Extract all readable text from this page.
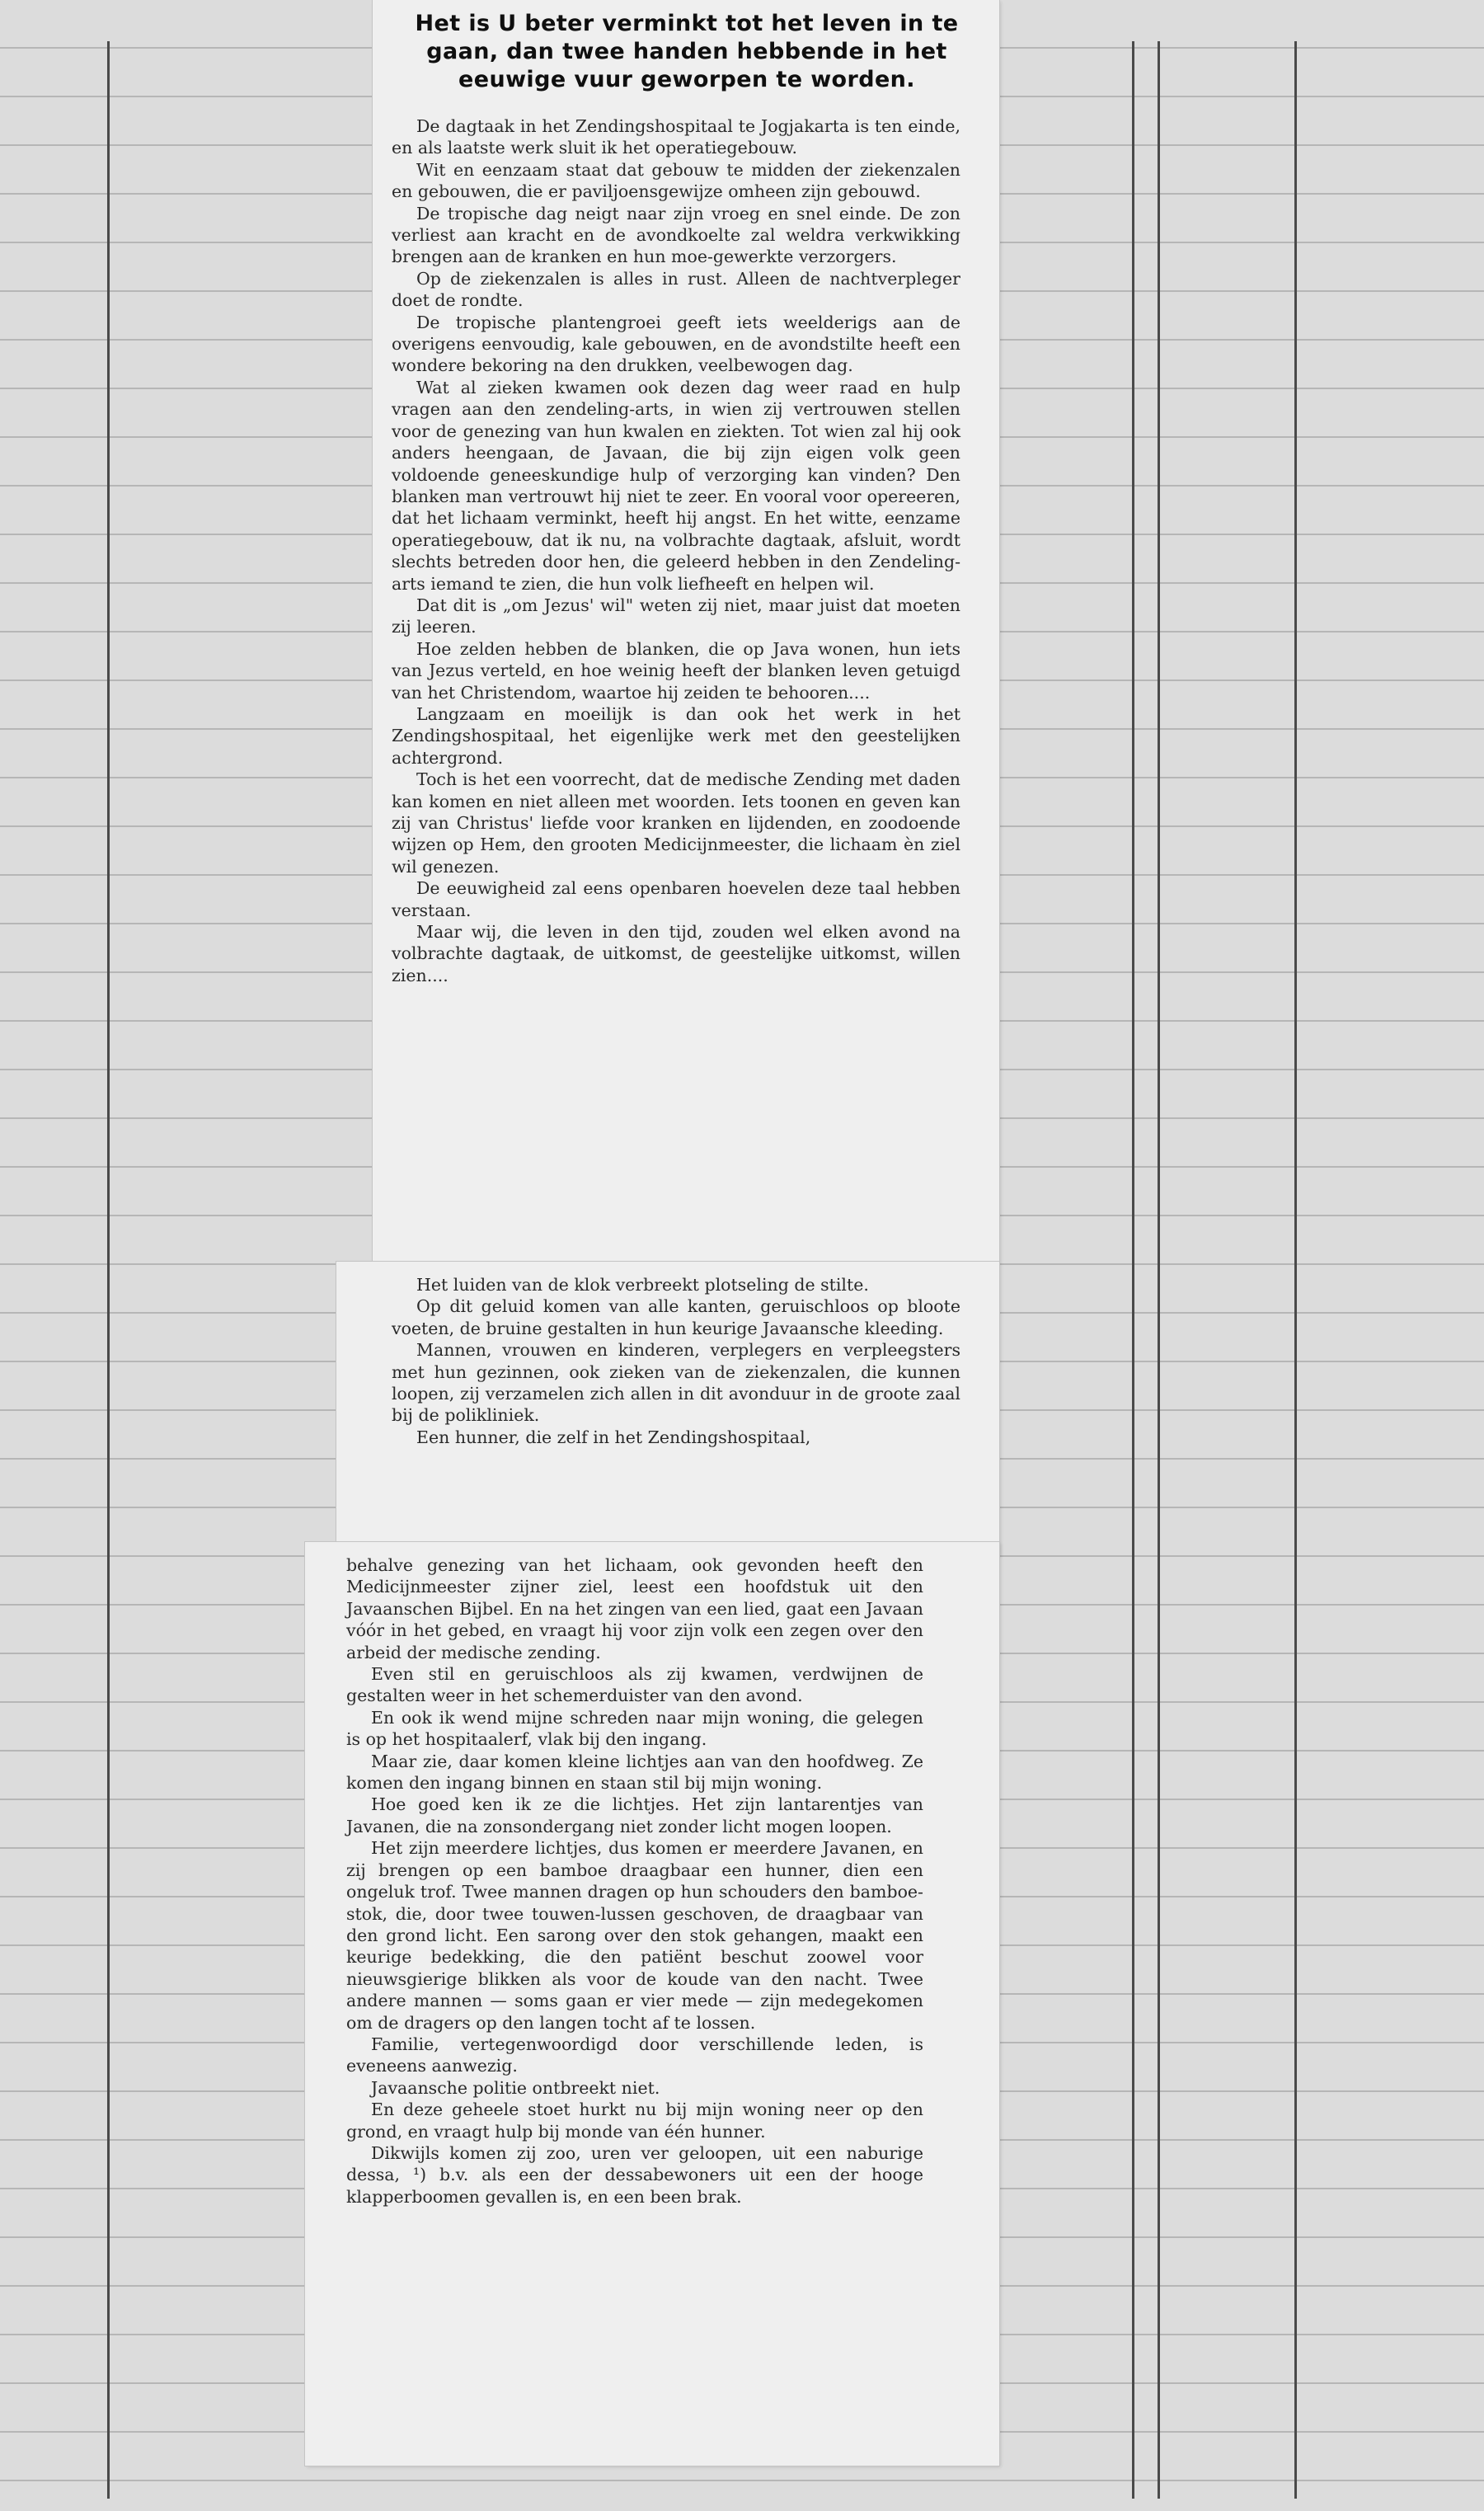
Het is U beter verminkt tot het leven in te gaan, dan twee handen hebbende in het eeuwige vuur geworpen te worden.

De dagtaak in het Zendingshospitaal te Jogjakarta is ten einde, en als laatste werk sluit ik het operatiegebouw.

Wit en eenzaam staat dat gebouw te midden der ziekenzalen en gebouwen, die er paviljoensgewijze omheen zijn gebouwd.

De tropische dag neigt naar zijn vroeg en snel einde. De zon verliest aan kracht en de avondkoelte zal weldra verkwikking brengen aan de kranken en hun moe-gewerkte verzorgers.

Op de ziekenzalen is alles in rust. Alleen de nachtverpleger doet de rondte.

De tropische plantengroei geeft iets weelderigs aan de overigens eenvoudig, kale gebouwen, en de avondstilte heeft een wondere bekoring na den drukken, veelbewogen dag.

Wat al zieken kwamen ook dezen dag weer raad en hulp vragen aan den zendeling-arts, in wien zij vertrouwen stellen voor de genezing van hun kwalen en ziekten. Tot wien zal hij ook anders heengaan, de Javaan, die bij zijn eigen volk geen voldoende geneeskundige hulp of verzorging kan vinden? Den blanken man vertrouwt hij niet te zeer. En vooral voor opereeren, dat het lichaam verminkt, heeft hij angst. En het witte, eenzame operatiegebouw, dat ik nu, na volbrachte dagtaak, afsluit, wordt slechts betreden door hen, die geleerd hebben in den Zendeling-arts iemand te zien, die hun volk liefheeft en helpen wil.

Dat dit is „om Jezus' wil" weten zij niet, maar juist dat moeten zij leeren.

Hoe zelden hebben de blanken, die op Java wonen, hun iets van Jezus verteld, en hoe weinig heeft der blanken leven getuigd van het Christendom, waartoe hij zeiden te behooren....

Langzaam en moeilijk is dan ook het werk in het Zendingshospitaal, het eigenlijke werk met den geestelijken achtergrond.

Toch is het een voorrecht, dat de medische Zending met daden kan komen en niet alleen met woorden. Iets toonen en geven kan zij van Christus' liefde voor kranken en lijdenden, en zoodoende wijzen op Hem, den grooten Medicijnmeester, die lichaam èn ziel wil genezen.

De eeuwigheid zal eens openbaren hoevelen deze taal hebben verstaan.

Maar wij, die leven in den tijd, zouden wel elken avond na volbrachte dagtaak, de uitkomst, de geestelijke uitkomst, willen zien....

Het luiden van de klok verbreekt plotseling de stilte.

Op dit geluid komen van alle kanten, geruischloos op bloote voeten, de bruine gestalten in hun keurige Javaansche kleeding.

Mannen, vrouwen en kinderen, verplegers en verpleegsters met hun gezinnen, ook zieken van de ziekenzalen, die kunnen loopen, zij verzamelen zich allen in dit avonduur in de groote zaal bij de polikliniek.

Een hunner, die zelf in het Zendingshospitaal,

behalve genezing van het lichaam, ook gevonden heeft den Medicijnmeester zijner ziel, leest een hoofdstuk uit den Javaanschen Bijbel. En na het zingen van een lied, gaat een Javaan vóór in het gebed, en vraagt hij voor zijn volk een zegen over den arbeid der medische zending.

Even stil en geruischloos als zij kwamen, verdwijnen de gestalten weer in het schemerduister van den avond.

En ook ik wend mijne schreden naar mijn woning, die gelegen is op het hospitaalerf, vlak bij den ingang.

Maar zie, daar komen kleine lichtjes aan van den hoofdweg. Ze komen den ingang binnen en staan stil bij mijn woning.

Hoe goed ken ik ze die lichtjes. Het zijn lantarentjes van Javanen, die na zonsondergang niet zonder licht mogen loopen.

Het zijn meerdere lichtjes, dus komen er meerdere Javanen, en zij brengen op een bamboe draagbaar een hunner, dien een ongeluk trof. Twee mannen dragen op hun schouders den bamboe-stok, die, door twee touwen-lussen geschoven, de draagbaar van den grond licht. Een sarong over den stok gehangen, maakt een keurige bedekking, die den patiënt beschut zoowel voor nieuwsgierige blikken als voor de koude van den nacht. Twee andere mannen — soms gaan er vier mede — zijn medegekomen om de dragers op den langen tocht af te lossen.

Familie, vertegenwoordigd door verschillende leden, is eveneens aanwezig.

Javaansche politie ontbreekt niet.

En deze geheele stoet hurkt nu bij mijn woning neer op den grond, en vraagt hulp bij monde van één hunner.

Dikwijls komen zij zoo, uren ver geloopen, uit een naburige dessa, ¹) b.v. als een der dessabewoners uit een der hooge klapperboomen gevallen is, en een been brak.
